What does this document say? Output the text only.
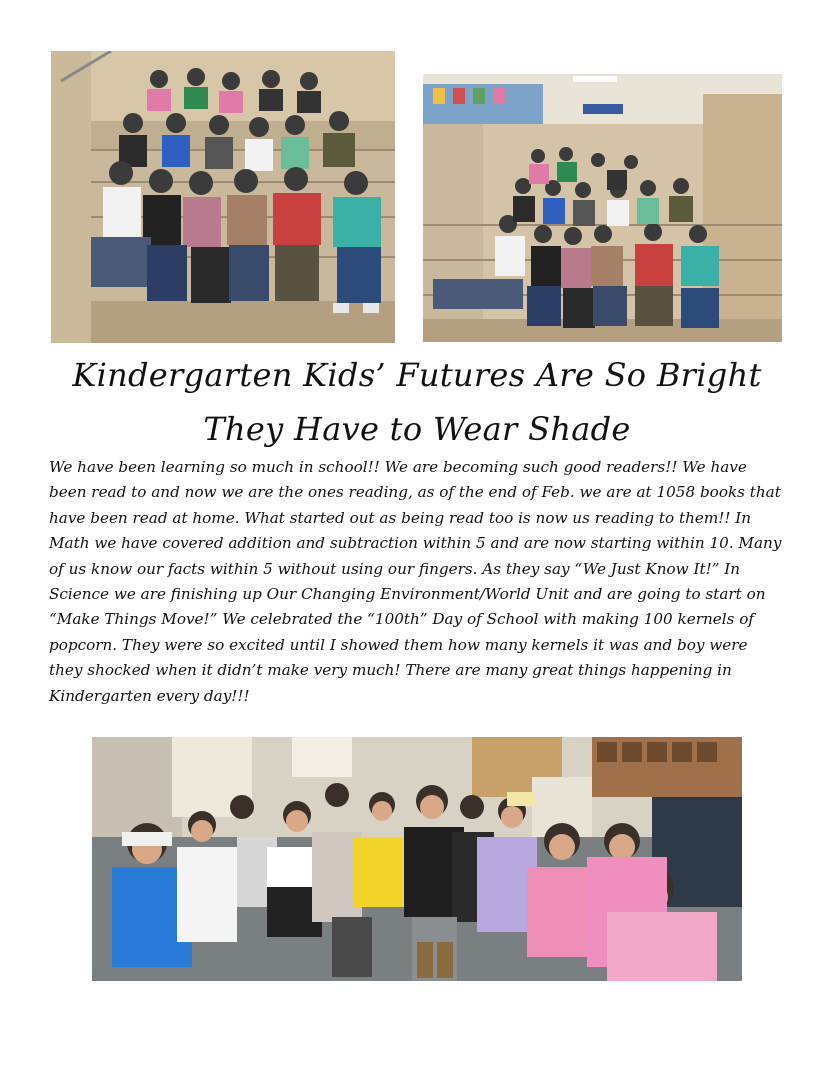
Kindergarten Kids’ Futures Are So Bright
They Have to Wear Shade

We have been learning so much in school!! We are becoming such good readers!! We have been read to and now we are the ones reading, as of the end of Feb. we are at 1058 books that have been read at home. What started out as being read too is now us reading to them!! In Math we have covered addition and subtraction within 5 and are now starting within 10. Many of us know our facts within 5 without using our fingers. As they say “We Just Know It!” In Science we are finishing up Our Changing Environment/World Unit and are going to start on “Make Things Move!” We celebrated the “100th” Day of School with making 100 kernels of popcorn. They were so excited until I showed them how many kernels it was and boy were they shocked when it didn’t make very much! There are many great things happening in Kindergarten every day!!!
